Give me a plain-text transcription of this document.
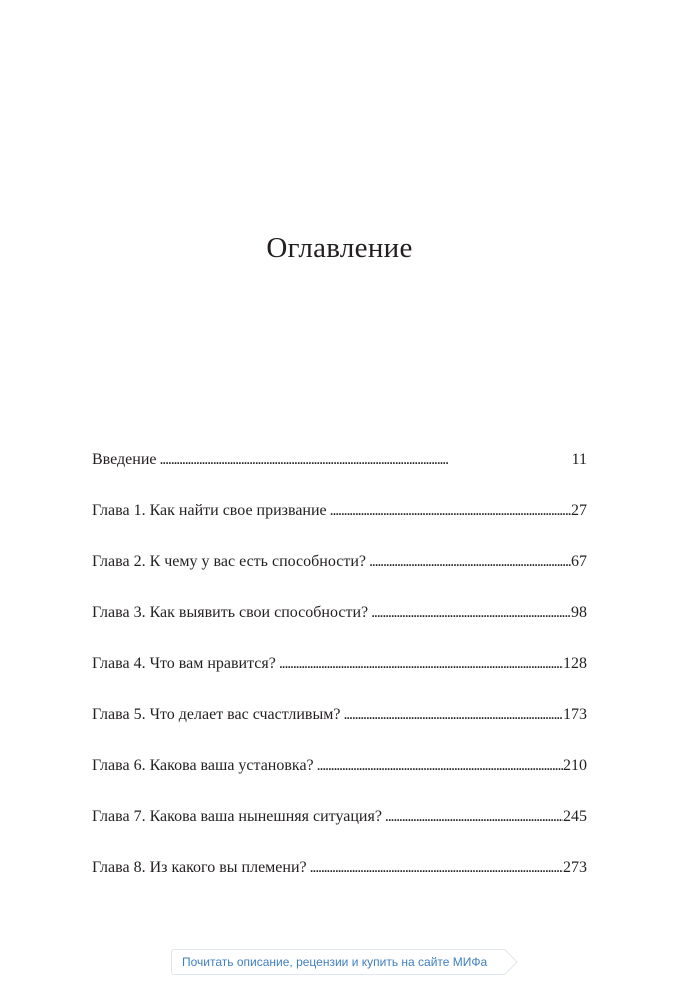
Оглавление
Введение . . .	11
Глава 1. Как найти свое призвание . . .	27
Глава 2. К чему у вас есть способности? . . .	67
Глава 3. Как выявить свои способности? . . .	98
Глава 4. Что вам нравится? . . .	128
Глава 5. Что делает вас счастливым? . . .	173
Глава 6. Какова ваша установка? . . .	210
Глава 7. Какова ваша нынешняя ситуация? . . .	245
Глава 8. Из какого вы племени? . . .	273
Почитать описание, рецензии и купить на сайте МИФа
